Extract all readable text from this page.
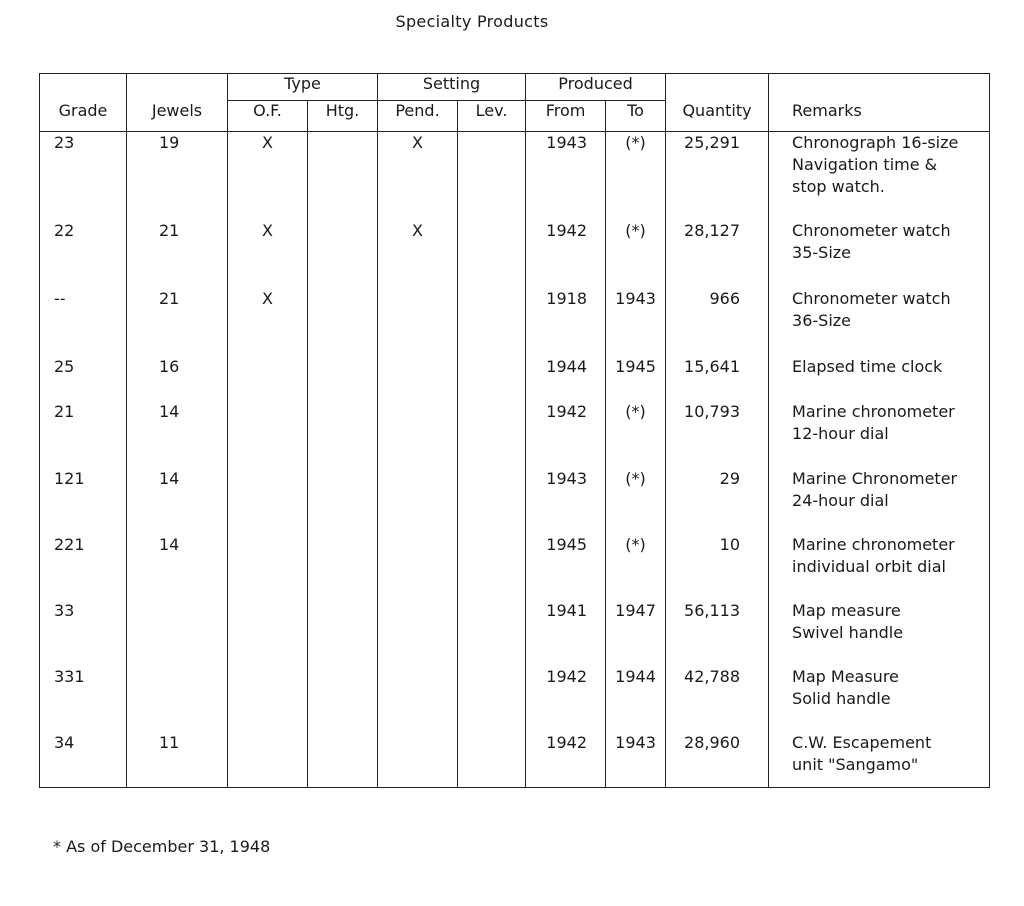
Specialty Products
Grade	Jewels	Type		Setting		Produced		Quantity	Remarks
		O.F.	Htg.	Pend.	Lev.	From	To		
23	19	X		X		1943	(*)	25,291	Chronograph 16-size
Navigation time &
stop watch.

22	21	X		X		1942	(*)	28,127	Chronometer watch
35-Size

--	21	X				1918	1943	966	Chronometer watch
36-Size

25	16					1944	1945	15,641	Elapsed time clock

21	14					1942	(*)	10,793	Marine chronometer
12-hour dial

121	14					1943	(*)	29	Marine Chronometer
24-hour dial

221	14					1945	(*)	10	Marine chronometer
individual orbit dial

33						1941	1947	56,113	Map measure
Swivel handle

331						1942	1944	42,788	Map Measure
Solid handle

34	11					1942	1943	28,960	C.W. Escapement
unit "Sangamo"
* As of December 31, 1948
